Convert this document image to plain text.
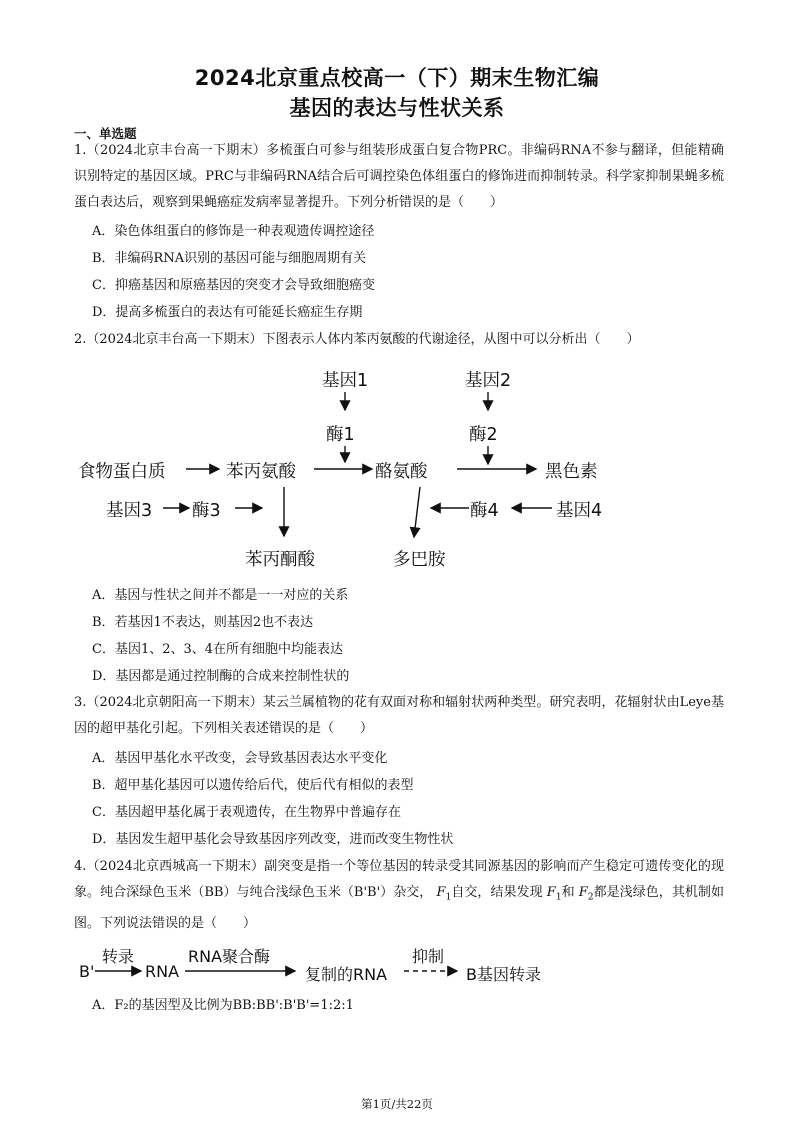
2024北京重点校高一（下）期末生物汇编
基因的表达与性状关系
一、单选题
1.（2024北京丰台高一下期末）多梳蛋白可参与组装形成蛋白复合物PRC。非编码RNA不参与翻译，但能精确识别特定的基因区域。PRC与非编码RNA结合后可调控染色体组蛋白的修饰进而抑制转录。科学家抑制果蝇多梳蛋白表达后，观察到果蝇癌症发病率显著提升。下列分析错误的是（　　）
A．染色体组蛋白的修饰是一种表观遗传调控途径
B．非编码RNA识别的基因可能与细胞周期有关
C．抑癌基因和原癌基因的突变才会导致细胞癌变
D．提高多梳蛋白的表达有可能延长癌症生存期
2.（2024北京丰台高一下期末）下图表示人体内苯丙氨酸的代谢途径，从图中可以分析出（　　）
基因1	基因2
酶1	酶2
食物蛋白质	苯丙氨酸	酪氨酸	黑色素
基因3 酶3	酶4	基因4
苯丙酮酸	多巴胺
A．基因与性状之间并不都是一一对应的关系
B．若基因1不表达，则基因2也不表达
C．基因1、2、3、4在所有细胞中均能表达
D．基因都是通过控制酶的合成来控制性状的
3.（2024北京朝阳高一下期末）某云兰属植物的花有双面对称和辐射状两种类型。研究表明，花辐射状由Leye基因的超甲基化引起。下列相关表述错误的是（　　）
A．基因甲基化水平改变，会导致基因表达水平变化
B．超甲基化基因可以遗传给后代，使后代有相似的表型
C．基因超甲基化属于表观遗传，在生物界中普遍存在
D．基因发生超甲基化会导致基因序列改变，进而改变生物性状
4.（2024北京西城高一下期末）副突变是指一个等位基因的转录受其同源基因的影响而产生稳定可遗传变化的现象。纯合深绿色玉米（BB）与纯合浅绿色玉米（B'B'）杂交， $F_1$自交，结果发现 $F_1$和 $F_2$都是浅绿色，其机制如图。下列说法错误的是（　　）
B'
转录
RNA
RNA聚合酶
复制的RNA
抑制
B基因转录
A．F₂的基因型及比例为BB:BB':B'B'=1:2:1
第1页/共22页
